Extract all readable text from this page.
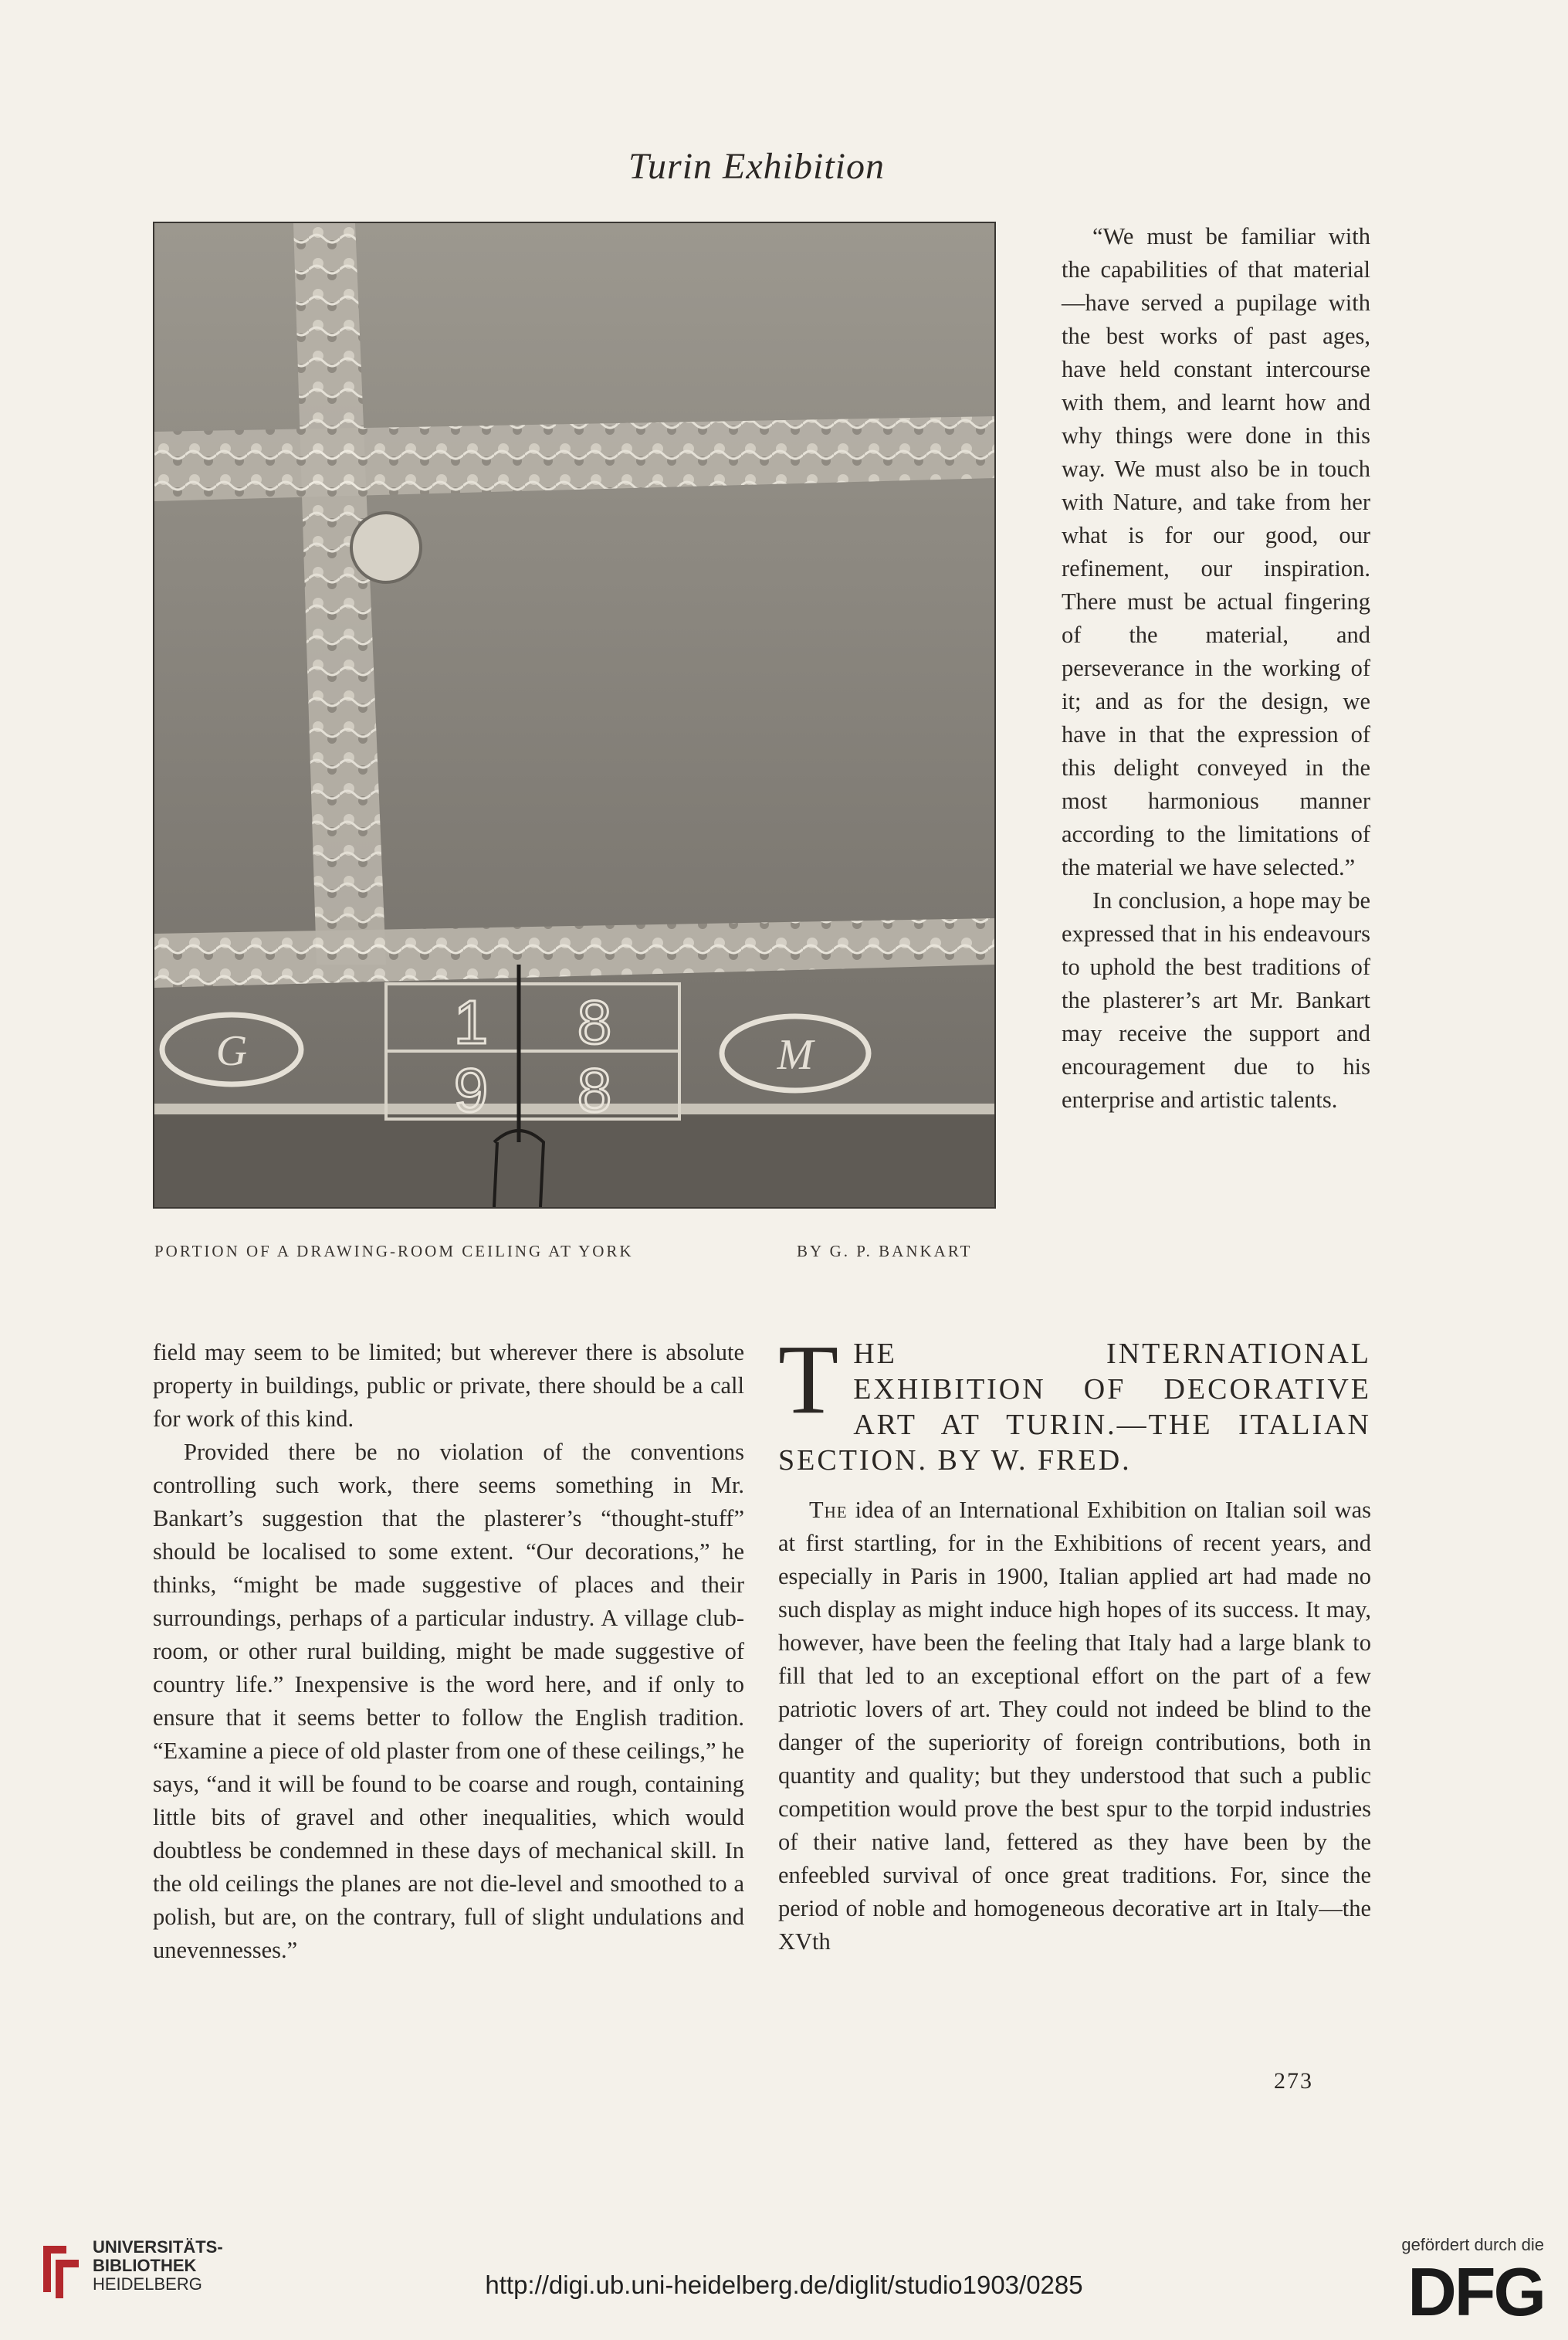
Turin Exhibition
G	M
1 8
9 8
PORTION OF A DRAWING-ROOM CEILING AT YORK	BY G. P. BANKART

“We must be familiar with the capabilities of that material—have served a pupilage with the best works of past ages, have held constant intercourse with them, and learnt how and why things were done in this way. We must also be in touch with Nature, and take from her what is for our good, our refinement, our inspiration. There must be actual fingering of the material, and perseverance in the working of it; and as for the design, we have in that the expression of this delight conveyed in the most harmonious manner according to the limitations of the material we have selected.”

In conclusion, a hope may be expressed that in his endeavours to uphold the best traditions of the plasterer’s art Mr. Bankart may receive the support and encouragement due to his enterprise and artistic talents.

field may seem to be limited; but wherever there is absolute property in buildings, public or private, there should be a call for work of this kind.

Provided there be no violation of the conventions controlling such work, there seems something in Mr. Bankart’s suggestion that the plasterer’s “thought-stuff” should be localised to some extent. “Our decorations,” he thinks, “might be made suggestive of places and their surroundings, perhaps of a particular industry. A village club-room, or other rural building, might be made suggestive of country life.” Inexpensive is the word here, and if only to ensure that it seems better to follow the English tradition. “Examine a piece of old plaster from one of these ceilings,” he says, “and it will be found to be coarse and rough, containing little bits of gravel and other inequalities, which would doubtless be condemned in these days of mechanical skill. In the old ceilings the planes are not die-level and smoothed to a polish, but are, on the contrary, full of slight undulations and unevennesses.”

THE INTERNATIONAL EXHIBITION OF DECORATIVE ART AT TURIN.—THE ITALIAN SECTION. BY W. FRED.

The idea of an International Exhibition on Italian soil was at first startling, for in the Exhibitions of recent years, and especially in Paris in 1900, Italian applied art had made no such display as might induce high hopes of its success. It may, however, have been the feeling that Italy had a large blank to fill that led to an exceptional effort on the part of a few patriotic lovers of art. They could not indeed be blind to the danger of the superiority of foreign contributions, both in quantity and quality; but they understood that such a public competition would prove the best spur to the torpid industries of their native land, fettered as they have been by the enfeebled survival of once great traditions. For, since the period of noble and homogeneous decorative art in Italy—the XVth

273
UNIVERSITÄTS-
BIBLIOTHEK
HEIDELBERG	http://digi.ub.uni-heidelberg.de/diglit/studio1903/0285
gefördert durch die
DFG
